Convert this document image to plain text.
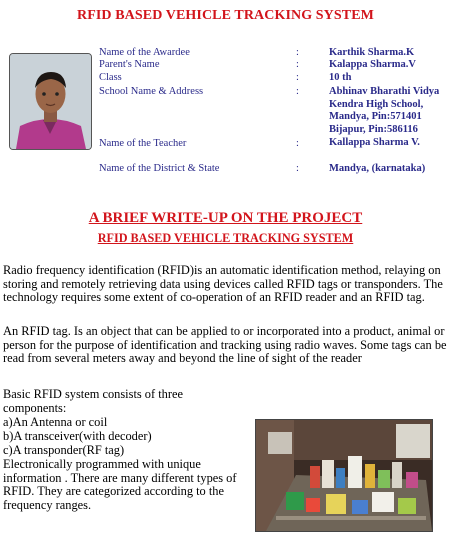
RFID BASED VEHICLE TRACKING SYSTEM
Name of the Awardee	:	Karthik Sharma.K
Parent's Name	:	Kalappa Sharma.V
Class	:	10 th
School Name & Address	:	Abhinav Bharathi Vidya
Kendra High School,
Mandya, Pin:571401
Bijapur, Pin:586116
Name of the Teacher	:	Kallappa Sharma V.
Name of the District & State	:	Mandya, (karnataka)
A BRIEF WRITE-UP ON THE PROJECT
RFID BASED VEHICLE TRACKING SYSTEM

Radio frequency identification (RFID)is an automatic identification method, relaying on storing and remotely retrieving data using devices called RFID tags or transponders. The technology requires some extent of co-operation of an RFID reader and an RFID tag.

An RFID tag. Is an object that can be applied to or incorporated into a product, animal or person for the purpose of identification and tracking using radio waves. Some tags can be read from several meters away and beyond the line of sight of the reader

Basic RFID system consists of three components:

a)An Antenna or coil
b)A transceiver(with decoder)
c)A transponder(RF tag)

Electronically programmed with unique information . There are many different types of RFID. They are categorized according to the frequency ranges.
